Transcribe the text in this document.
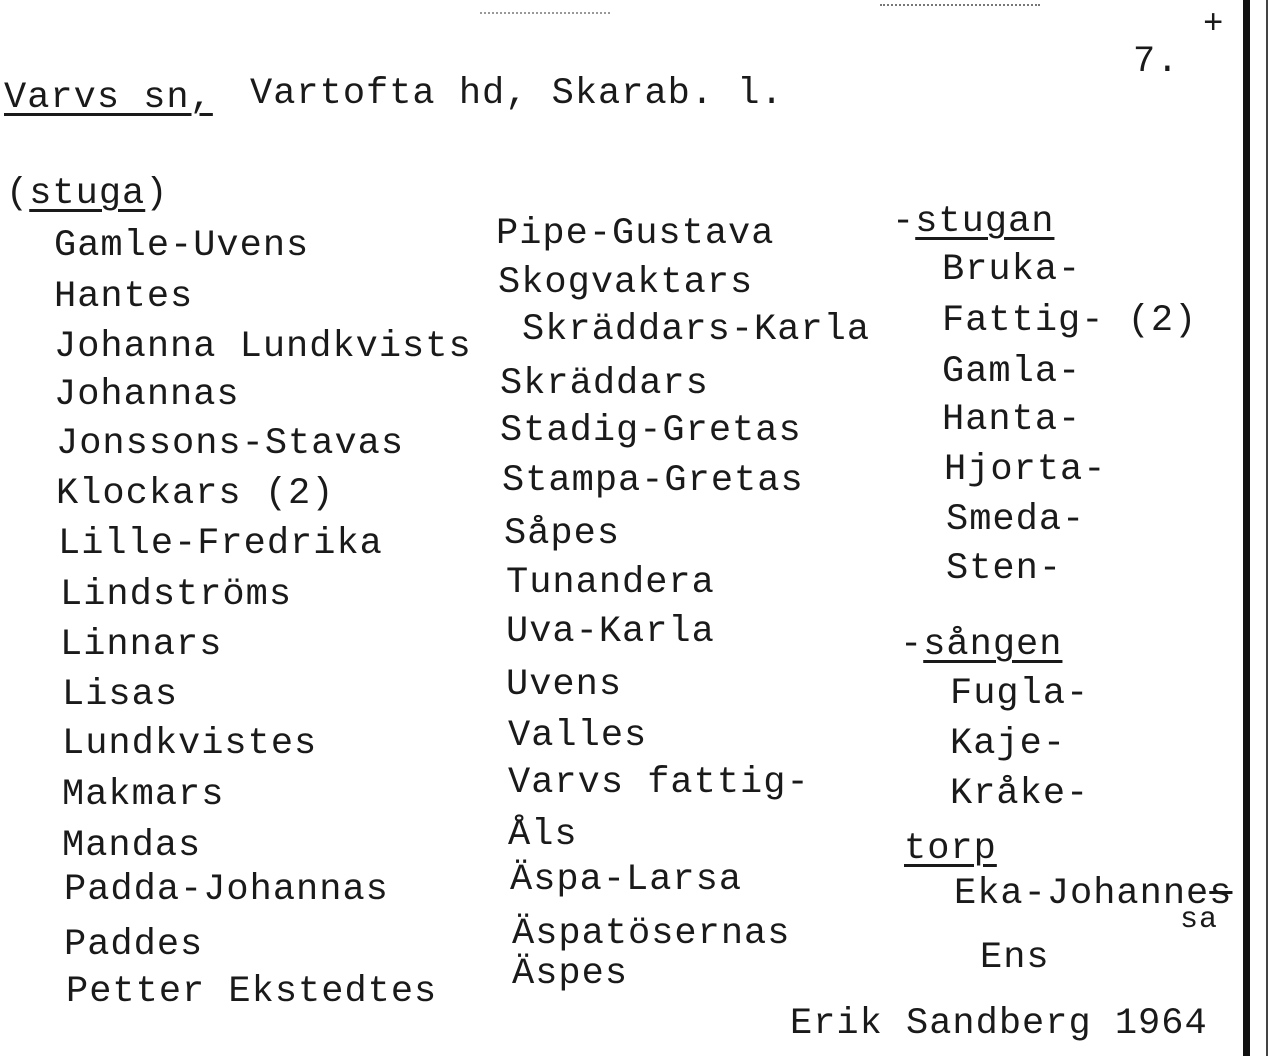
+
7.
Varvs sn, Vartofta hd, Skarab. l.
(stuga)
Gamle-Uvens
Hantes
Johanna Lundkvists
Johannas
Jonssons-Stavas
Klockars (2)
Lille-Fredrika
Lindströms
Linnars
Lisas
Lundkvistes
Makmars
Mandas
Padda-Johannas
Paddes
Petter Ekstedtes
Pipe-Gustava
Skogvaktars
Skräddars-Karla
Skräddars
Stadig-Gretas
Stampa-Gretas
Såpes
Tunandera
Uva-Karla
Uvens
Valles
Varvs fattig-
Åls
Äspa-Larsa
Äspatösernas
Äspes
-stugan
Bruka-
Fattig- (2)
Gamla-
Hanta-
Hjorta-
Smeda-
Sten-
-sången
Fugla-
Kaje-
Kråke-
torp
Eka-Johannes
sa
Ens
Erik Sandberg 1964
